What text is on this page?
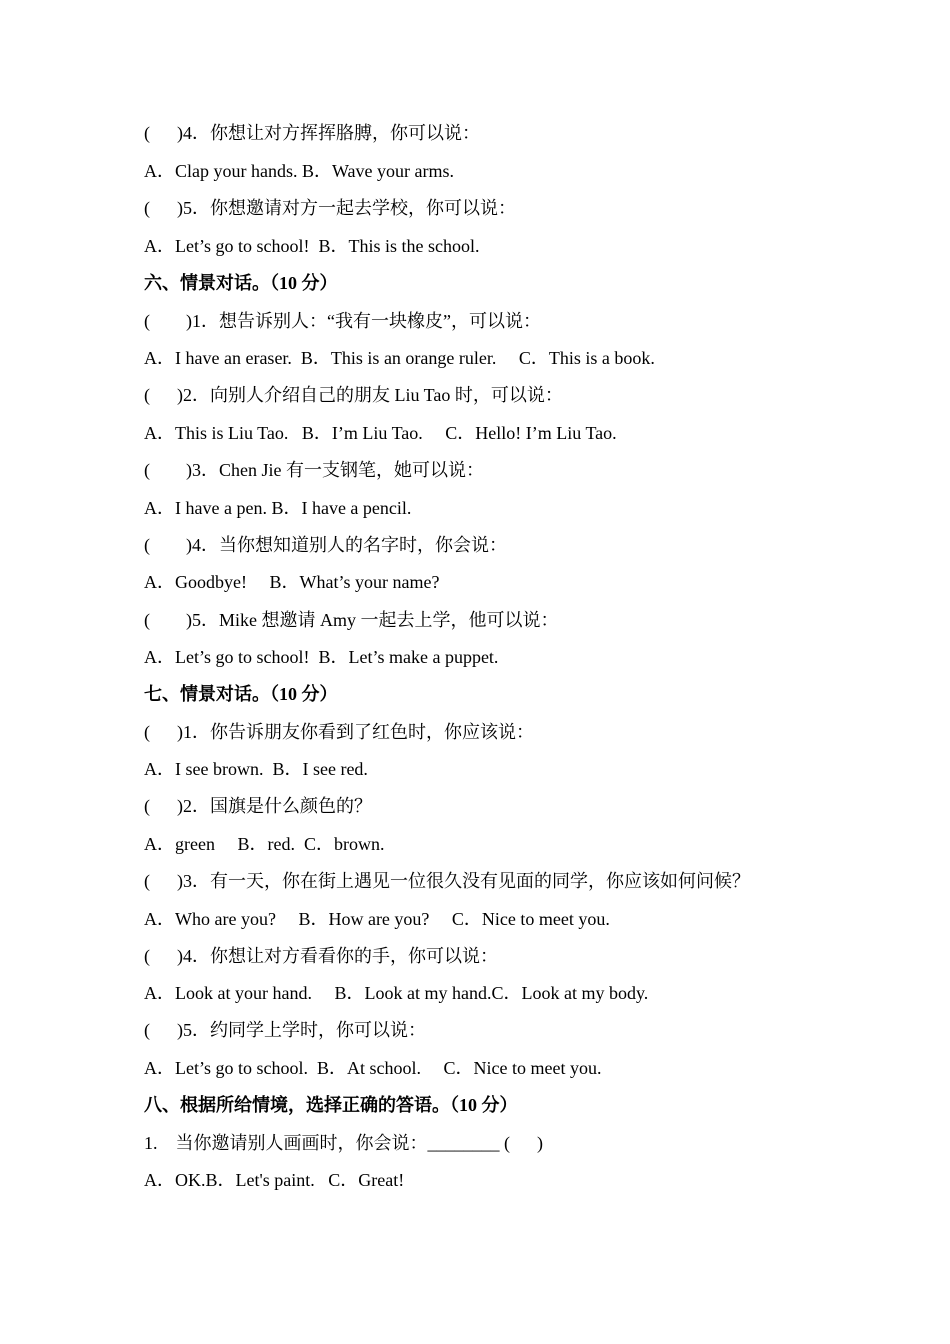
(      )4．你想让对方挥挥胳膊，你可以说：
A．Clap your hands. B．Wave your arms.
(      )5．你想邀请对方一起去学校，你可以说：
A．Let’s go to school!  B．This is the school.
六、情景对话。（10 分）
(        )1．想告诉别人：“我有一块橡皮”，可以说：
A．I have an eraser.  B．This is an orange ruler.     C．This is a book.
(      )2．向别人介绍自己的朋友 Liu Tao 时，可以说：
A．This is Liu Tao.   B．I’m Liu Tao.     C．Hello! I’m Liu Tao.
(        )3．Chen Jie 有一支钢笔，她可以说：
A．I have a pen. B．I have a pencil.
(        )4．当你想知道别人的名字时，你会说：
A．Goodbye!     B．What’s your name?
(        )5．Mike 想邀请 Amy 一起去上学，他可以说：
A．Let’s go to school!  B．Let’s make a puppet.
七、情景对话。（10 分）
(      )1．你告诉朋友你看到了红色时，你应该说：
A．I see brown.  B．I see red.
(      )2．国旗是什么颜色的？
A．green     B．red.  C．brown.
(      )3．有一天，你在街上遇见一位很久没有见面的同学，你应该如何问候？
A．Who are you?     B．How are you?     C．Nice to meet you.
(      )4．你想让对方看看你的手，你可以说：
A．Look at your hand.     B．Look at my hand.C．Look at my body.
(      )5．约同学上学时，你可以说：
A．Let’s go to school.  B．At school.     C．Nice to meet you.
八、根据所给情境，选择正确的答语。（10 分）
1.    当你邀请别人画画时，你会说：________ (      )
A．OK.B．Let's paint.   C．Great!
